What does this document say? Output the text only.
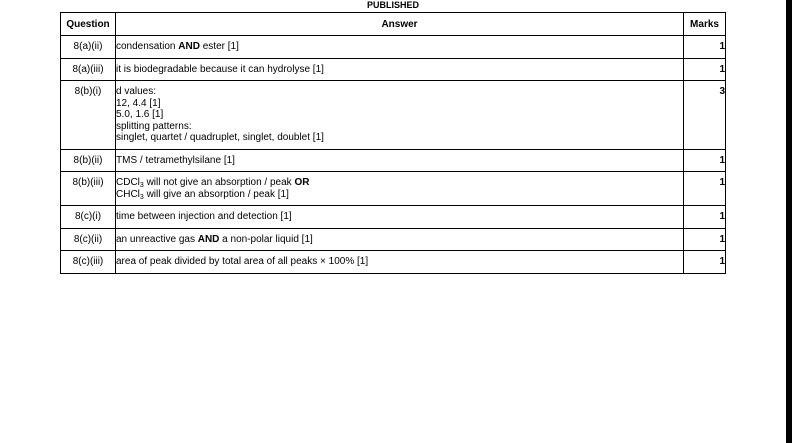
PUBLISHED
Question	Answer	Marks

8(a)(ii)	condensation AND ester [1]	1

8(a)(iii)	it is biodegradable because it can hydrolyse [1]	1

8(b)(i)	d values:
12, 4.4 [1]
5.0, 1.6 [1]
splitting patterns:
singlet, quartet / quadruplet, singlet, doublet [1]	3

8(b)(ii)	TMS / tetramethylsilane [1]	1

8(b)(iii)	CDCl$_3$ will not give an absorption / peak OR
CHCl$_3$ will give an absorption / peak [1]	1

8(c)(i)	time between injection and detection [1]	1

8(c)(ii)	an unreactive gas AND a non-polar liquid [1]	1

8(c)(iii)	area of peak divided by total area of all peaks × 100% [1]	1
